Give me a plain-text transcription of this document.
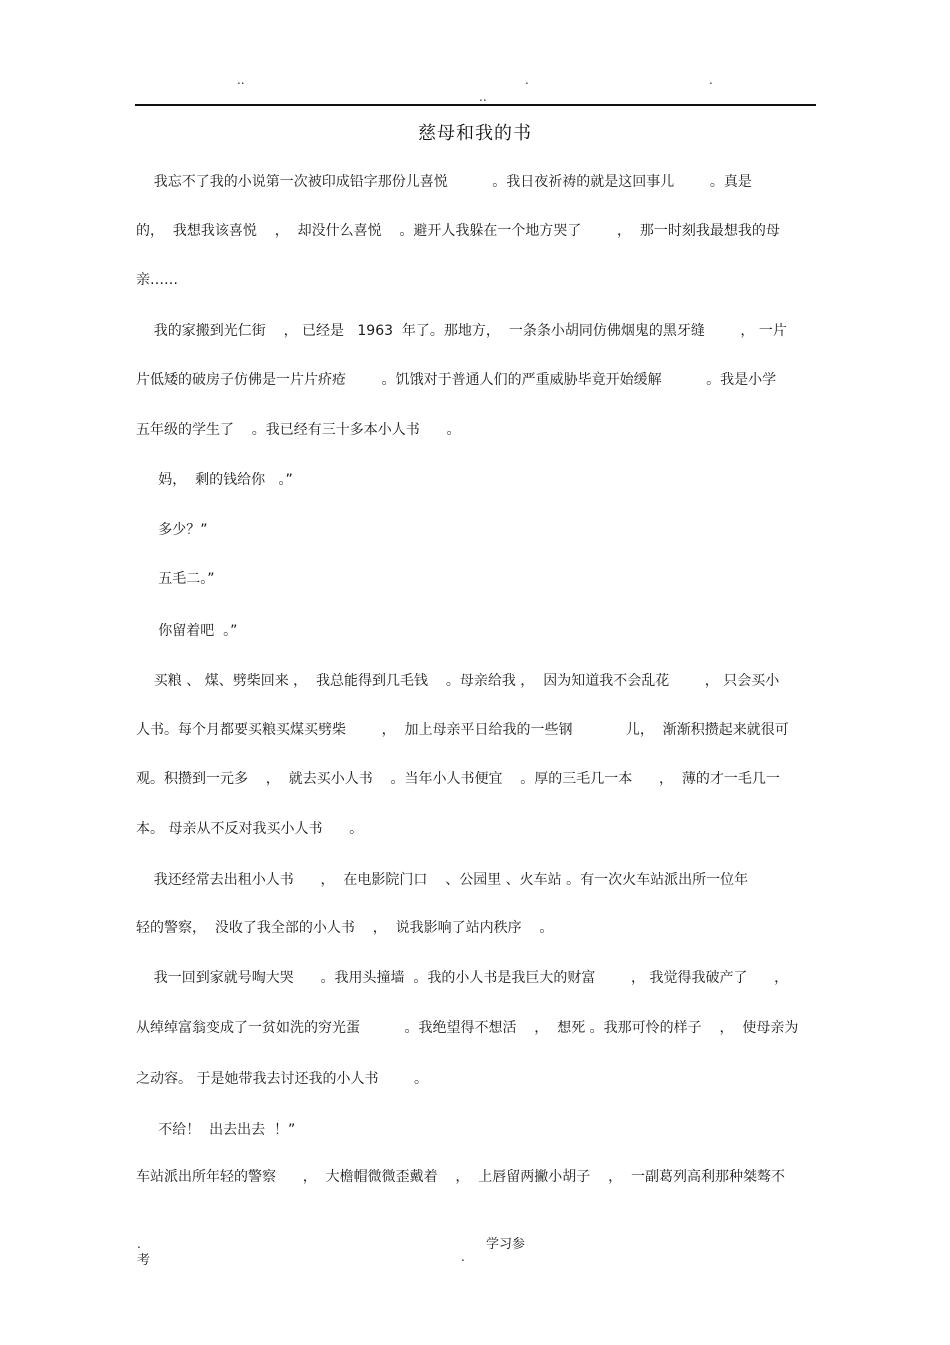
..	.	.
..
慈母和我的书
我忘不了我的小说第一次被印成铅字那份儿喜悦          。我日夜祈祷的就是这回事儿        。真是
的，  我想我该喜悦    ，  却没什么喜悦    。避开人我躲在一个地方哭了        ，  那一时刻我最想我的母
亲……
我的家搬到光仁街    ， 已经是   1963  年了。那地方，  一条条小胡同仿佛烟鬼的黑牙缝        ， 一片
片低矮的破房子仿佛是一片片疥疮        。饥饿对于普通人们的严重威胁毕竟开始缓解          。我是小学
五年级的学生了    。我已经有三十多本小人书      。
妈，  剩的钱给你   。”
多少？”
五毛二。”
你留着吧  。”
买粮 、 煤、劈柴回来 ，  我总能得到几毛钱    。母亲给我 ，  因为知道我不会乱花        ， 只会买小
人书。每个月都要买粮买煤买劈柴        ，  加上母亲平日给我的一些钢            儿，  渐渐积攒起来就很可
观。积攒到一元多    ，  就去买小人书    。当年小人书便宜    。厚的三毛几一本      ，  薄的才一毛几一
本。 母亲从不反对我买小人书      。
我还经常去出租小人书      ，  在电影院门口    、公园里 、火车站 。有一次火车站派出所一位年
轻的警察，  没收了我全部的小人书    ，  说我影响了站内秩序    。
我一回到家就号啕大哭      。我用头撞墙  。我的小人书是我巨大的财富        ， 我觉得我破产了      ，
从绰绰富翁变成了一贫如洗的穷光蛋          。我绝望得不想活    ，  想死 。我那可怜的样子    ，  使母亲为
之动容。 于是她带我去讨还我的小人书        。
不给！  出去出去  ！”
车站派出所年轻的警察      ，  大檐帽微微歪戴着    ，  上唇留两撇小胡子    ，  一副葛列高利那种桀骜不
.	学习参
考	.
